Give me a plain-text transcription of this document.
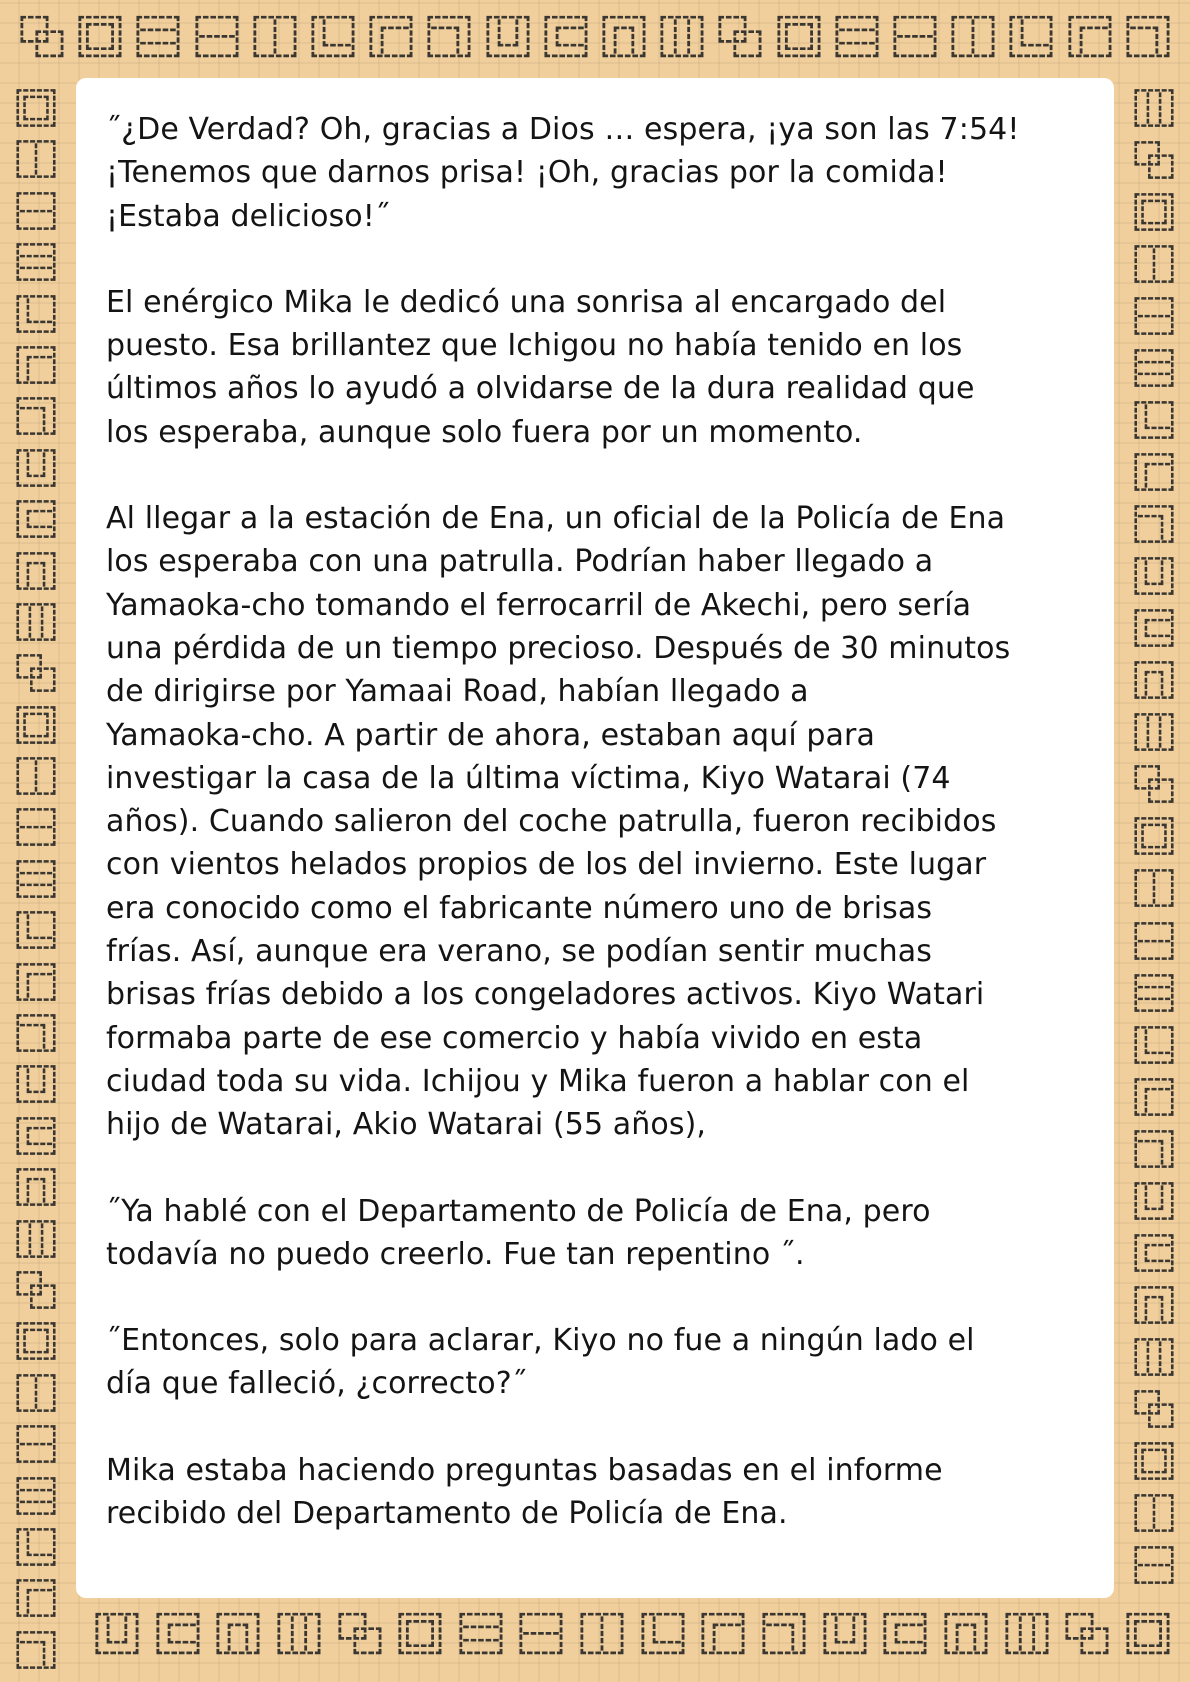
⿻ ⿴ ⿳ ⿱ ⿰ ⿺ ⿸ ⿹ ⿶ ⿷ ⿵ ⿲ ⿻ ⿴ ⿳ ⿱ ⿰ ⿺ ⿸ ⿹
⿴
⿰
⿱
⿳
⿺
⿸
⿹
⿶
⿷
⿵
⿲
⿻
⿴
⿰
⿱
⿳
⿺
⿸
⿹
⿶
⿷
⿵
⿲
⿻
⿴
⿰
⿱
⿳
⿺
⿸
⿹
⿲
⿻
⿴
⿰
⿱
⿳
⿺
⿸
⿹
⿶
⿷
⿵
⿲
⿻
⿴
⿰
⿱
⿳
⿺
⿸
⿹
⿶
⿷
⿵
⿲
⿻
⿴
⿰
⿱
⿶ ⿷ ⿵ ⿲ ⿻ ⿴ ⿳ ⿱ ⿰ ⿺ ⿸ ⿹ ⿶ ⿷ ⿵ ⿲ ⿻ ⿴

˝¿De Verdad? Oh, gracias a Dios … espera, ¡ya son las 7:54!
¡Tenemos que darnos prisa! ¡Oh, gracias por la comida!
¡Estaba delicioso!˝

El enérgico Mika le dedicó una sonrisa al encargado del
puesto. Esa brillantez que Ichigou no había tenido en los
últimos años lo ayudó a olvidarse de la dura realidad que
los esperaba, aunque solo fuera por un momento.

Al llegar a la estación de Ena, un oficial de la Policía de Ena
los esperaba con una patrulla. Podrían haber llegado a
Yamaoka-cho tomando el ferrocarril de Akechi, pero sería
una pérdida de un tiempo precioso. Después de 30 minutos
de dirigirse por Yamaai Road, habían llegado a
Yamaoka-cho. A partir de ahora, estaban aquí para
investigar la casa de la última víctima, Kiyo Watarai (74
años). Cuando salieron del coche patrulla, fueron recibidos
con vientos helados propios de los del invierno. Este lugar
era conocido como el fabricante número uno de brisas
frías. Así, aunque era verano, se podían sentir muchas
brisas frías debido a los congeladores activos. Kiyo Watari
formaba parte de ese comercio y había vivido en esta
ciudad toda su vida. Ichijou y Mika fueron a hablar con el
hijo de Watarai, Akio Watarai (55 años),

˝Ya hablé con el Departamento de Policía de Ena, pero
todavía no puedo creerlo. Fue tan repentino ˝.

˝Entonces, solo para aclarar, Kiyo no fue a ningún lado el
día que falleció, ¿correcto?˝

Mika estaba haciendo preguntas basadas en el informe
recibido del Departamento de Policía de Ena.
